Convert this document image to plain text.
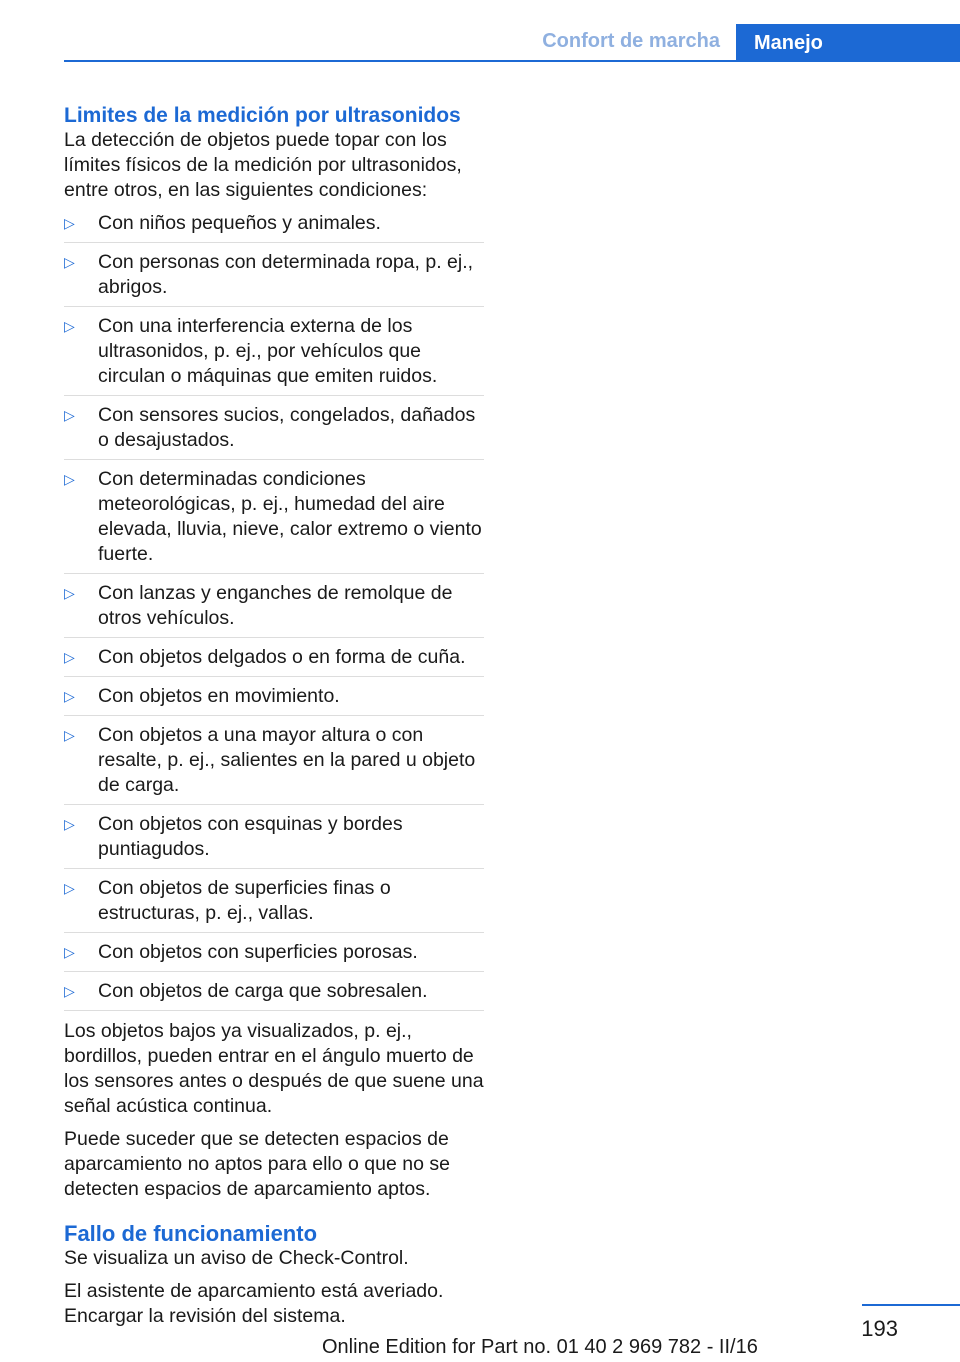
Confort de marcha	Manejo
Limites de la medición por ultrasonidos

La detección de objetos puede topar con los límites físicos de la medición por ultrasonidos, entre otros, en las siguientes condiciones:

▷ Con niños pequeños y animales.
▷ Con personas con determinada ropa, p. ej., abrigos.
▷ Con una interferencia externa de los ultrasonidos, p. ej., por vehículos que circulan o máquinas que emiten ruidos.
▷ Con sensores sucios, congelados, dañados o desajustados.
▷ Con determinadas condiciones meteorológicas, p. ej., humedad del aire elevada, lluvia, nieve, calor extremo o viento fuerte.
▷ Con lanzas y enganches de remolque de otros vehículos.
▷ Con objetos delgados o en forma de cuña.
▷ Con objetos en movimiento.
▷ Con objetos a una mayor altura o con resalte, p. ej., salientes en la pared u objeto de carga.
▷ Con objetos con esquinas y bordes puntiagudos.
▷ Con objetos de superficies finas o estructuras, p. ej., vallas.
▷ Con objetos con superficies porosas.
▷ Con objetos de carga que sobresalen.

Los objetos bajos ya visualizados, p. ej., bordillos, pueden entrar en el ángulo muerto de los sensores antes o después de que suene una señal acústica continua.

Puede suceder que se detecten espacios de aparcamiento no aptos para ello o que no se detecten espacios de aparcamiento aptos.

Fallo de funcionamiento

Se visualiza un aviso de Check-Control.

El asistente de aparcamiento está averiado. Encargar la revisión del sistema.	193
Online Edition for Part no. 01 40 2 969 782 - II/16
